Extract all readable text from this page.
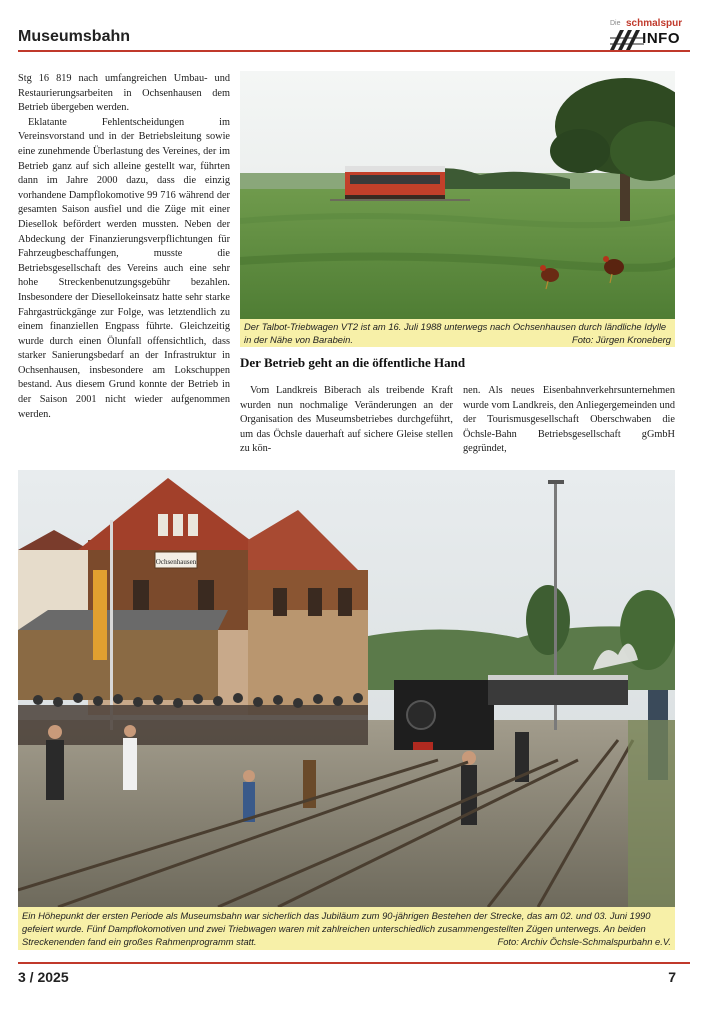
Museumsbahn
Die schmalspur
INFO

Stg 16 819 nach umfangreichen Umbau- und Restaurierungsarbeiten in Ochsenhausen dem Betrieb übergeben werden.

Eklatante Fehlentscheidungen im Vereinsvorstand und in der Betriebsleitung sowie eine zunehmende Überlastung des Vereines, der im Betrieb ganz auf sich alleine gestellt war, führten dann im Jahre 2000 dazu, dass die einzig vorhandene Dampflokomotive 99 716 während der gesamten Saison ausfiel und die Züge mit einer Diesellok befördert werden mussten. Neben der Abdeckung der Finanzierungsverpflichtungen für Fahrzeugbeschaffungen, musste die Betriebsgesellschaft des Vereins auch eine sehr hohe Streckenbenutzungsgebühr bezahlen. Insbesondere der Diesellokeinsatz hatte sehr starke Fahrgastrückgänge zur Folge, was letztendlich zu einem finanziellen Engpass führte. Gleichzeitig wurde durch einen Ölunfall offensichtlich, dass starker Sanierungsbedarf an der Infrastruktur in Ochsenhausen, insbesondere am Lokschuppen bestand. Aus diesem Grund konnte der Betrieb in der Saison 2001 nicht wieder aufgenommen werden.

Der Talbot-Triebwagen VT2 ist am 16. Juli 1988 unterwegs nach Ochsenhausen durch ländliche Idylle in der Nähe von Barabein.	Foto: Jürgen Kroneberg
Der Betrieb geht an die öffentliche Hand

Vom Landkreis Biberach als treibende Kraft wurden nun nochmalige Veränderungen an der Organisation des Museumsbetriebes durchgeführt, um das Öchsle dauerhaft auf sichere Gleise stellen zu kön-

nen. Als neues Eisenbahnverkehrsunternehmen wurde vom Landkreis, den Anliegergemeinden und der Tourismusgesellschaft Oberschwaben die Öchsle-Bahn Betriebsgesellschaft gGmbH gegründet,

Ochsenhausen
Ein Höhepunkt der ersten Periode als Museumsbahn war sicherlich das Jubiläum zum 90-jährigen Bestehen der Strecke, das am 02. und 03. Juni 1990 gefeiert wurde. Fünf Dampflokomotiven und zwei Triebwagen waren mit zahlreichen unterschiedlich zusammengestellten Zügen unterwegs. An beiden Streckenenden fand ein großes Rahmenprogramm statt.	Foto: Archiv Öchsle-Schmalspurbahn e.V.
3 / 2025	7
